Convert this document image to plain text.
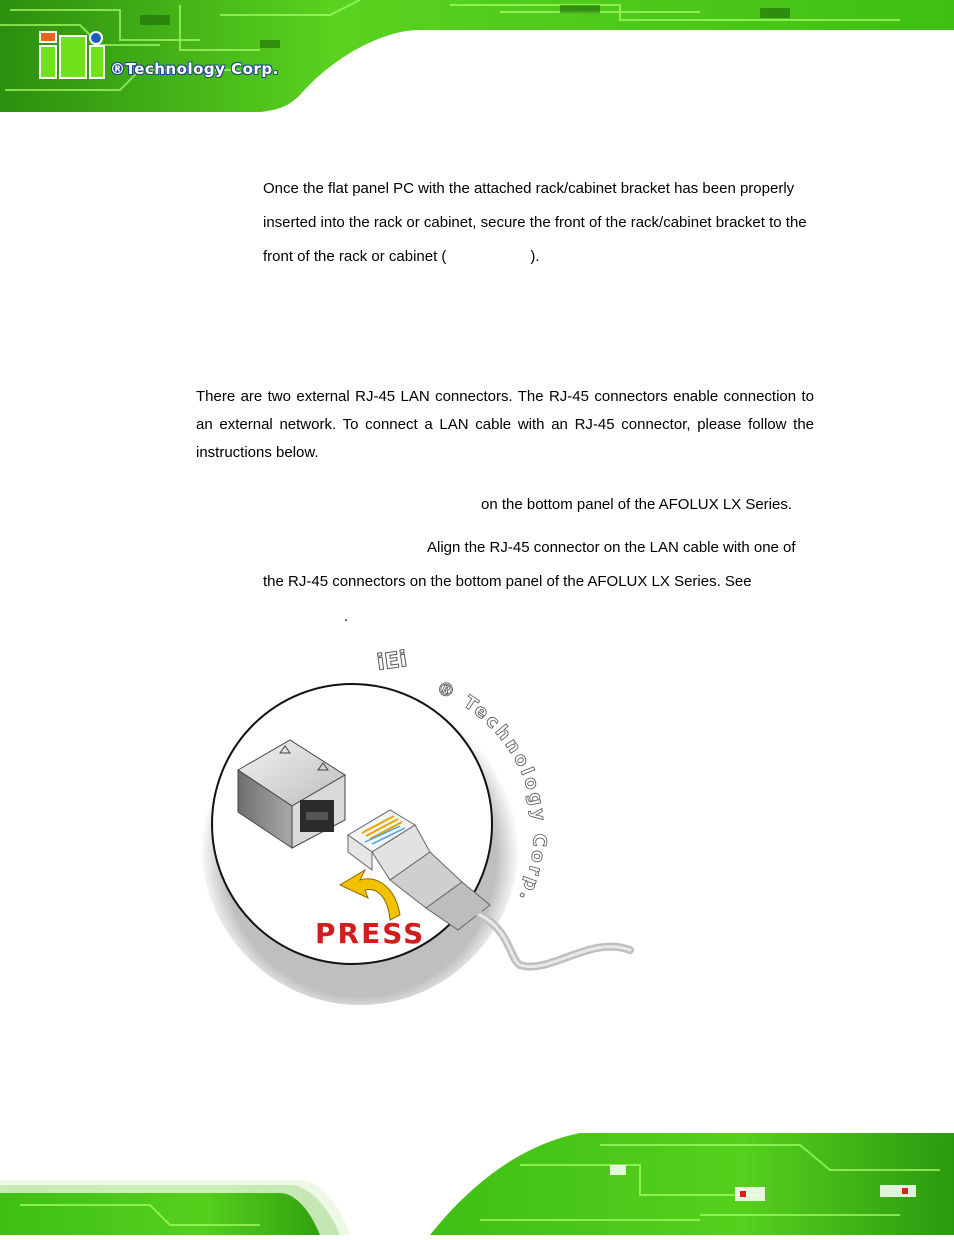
®Technology Corp.

Once the flat panel PC with the attached rack/cabinet bracket has been properly inserted into the rack or cabinet, secure the front of the rack/cabinet bracket to the front of the rack or cabinet (	).

There are two external RJ-45 LAN connectors. The RJ-45 connectors enable connection to an external network. To connect a LAN cable with an RJ-45 connector, please follow the instructions below.

on the bottom panel of the AFOLUX LX Series.

Align the RJ-45 connector on the LAN cable with one of

the RJ-45 connectors on the bottom panel of the AFOLUX LX Series. See

.

iEi
® Technology Corp.
PRESS
